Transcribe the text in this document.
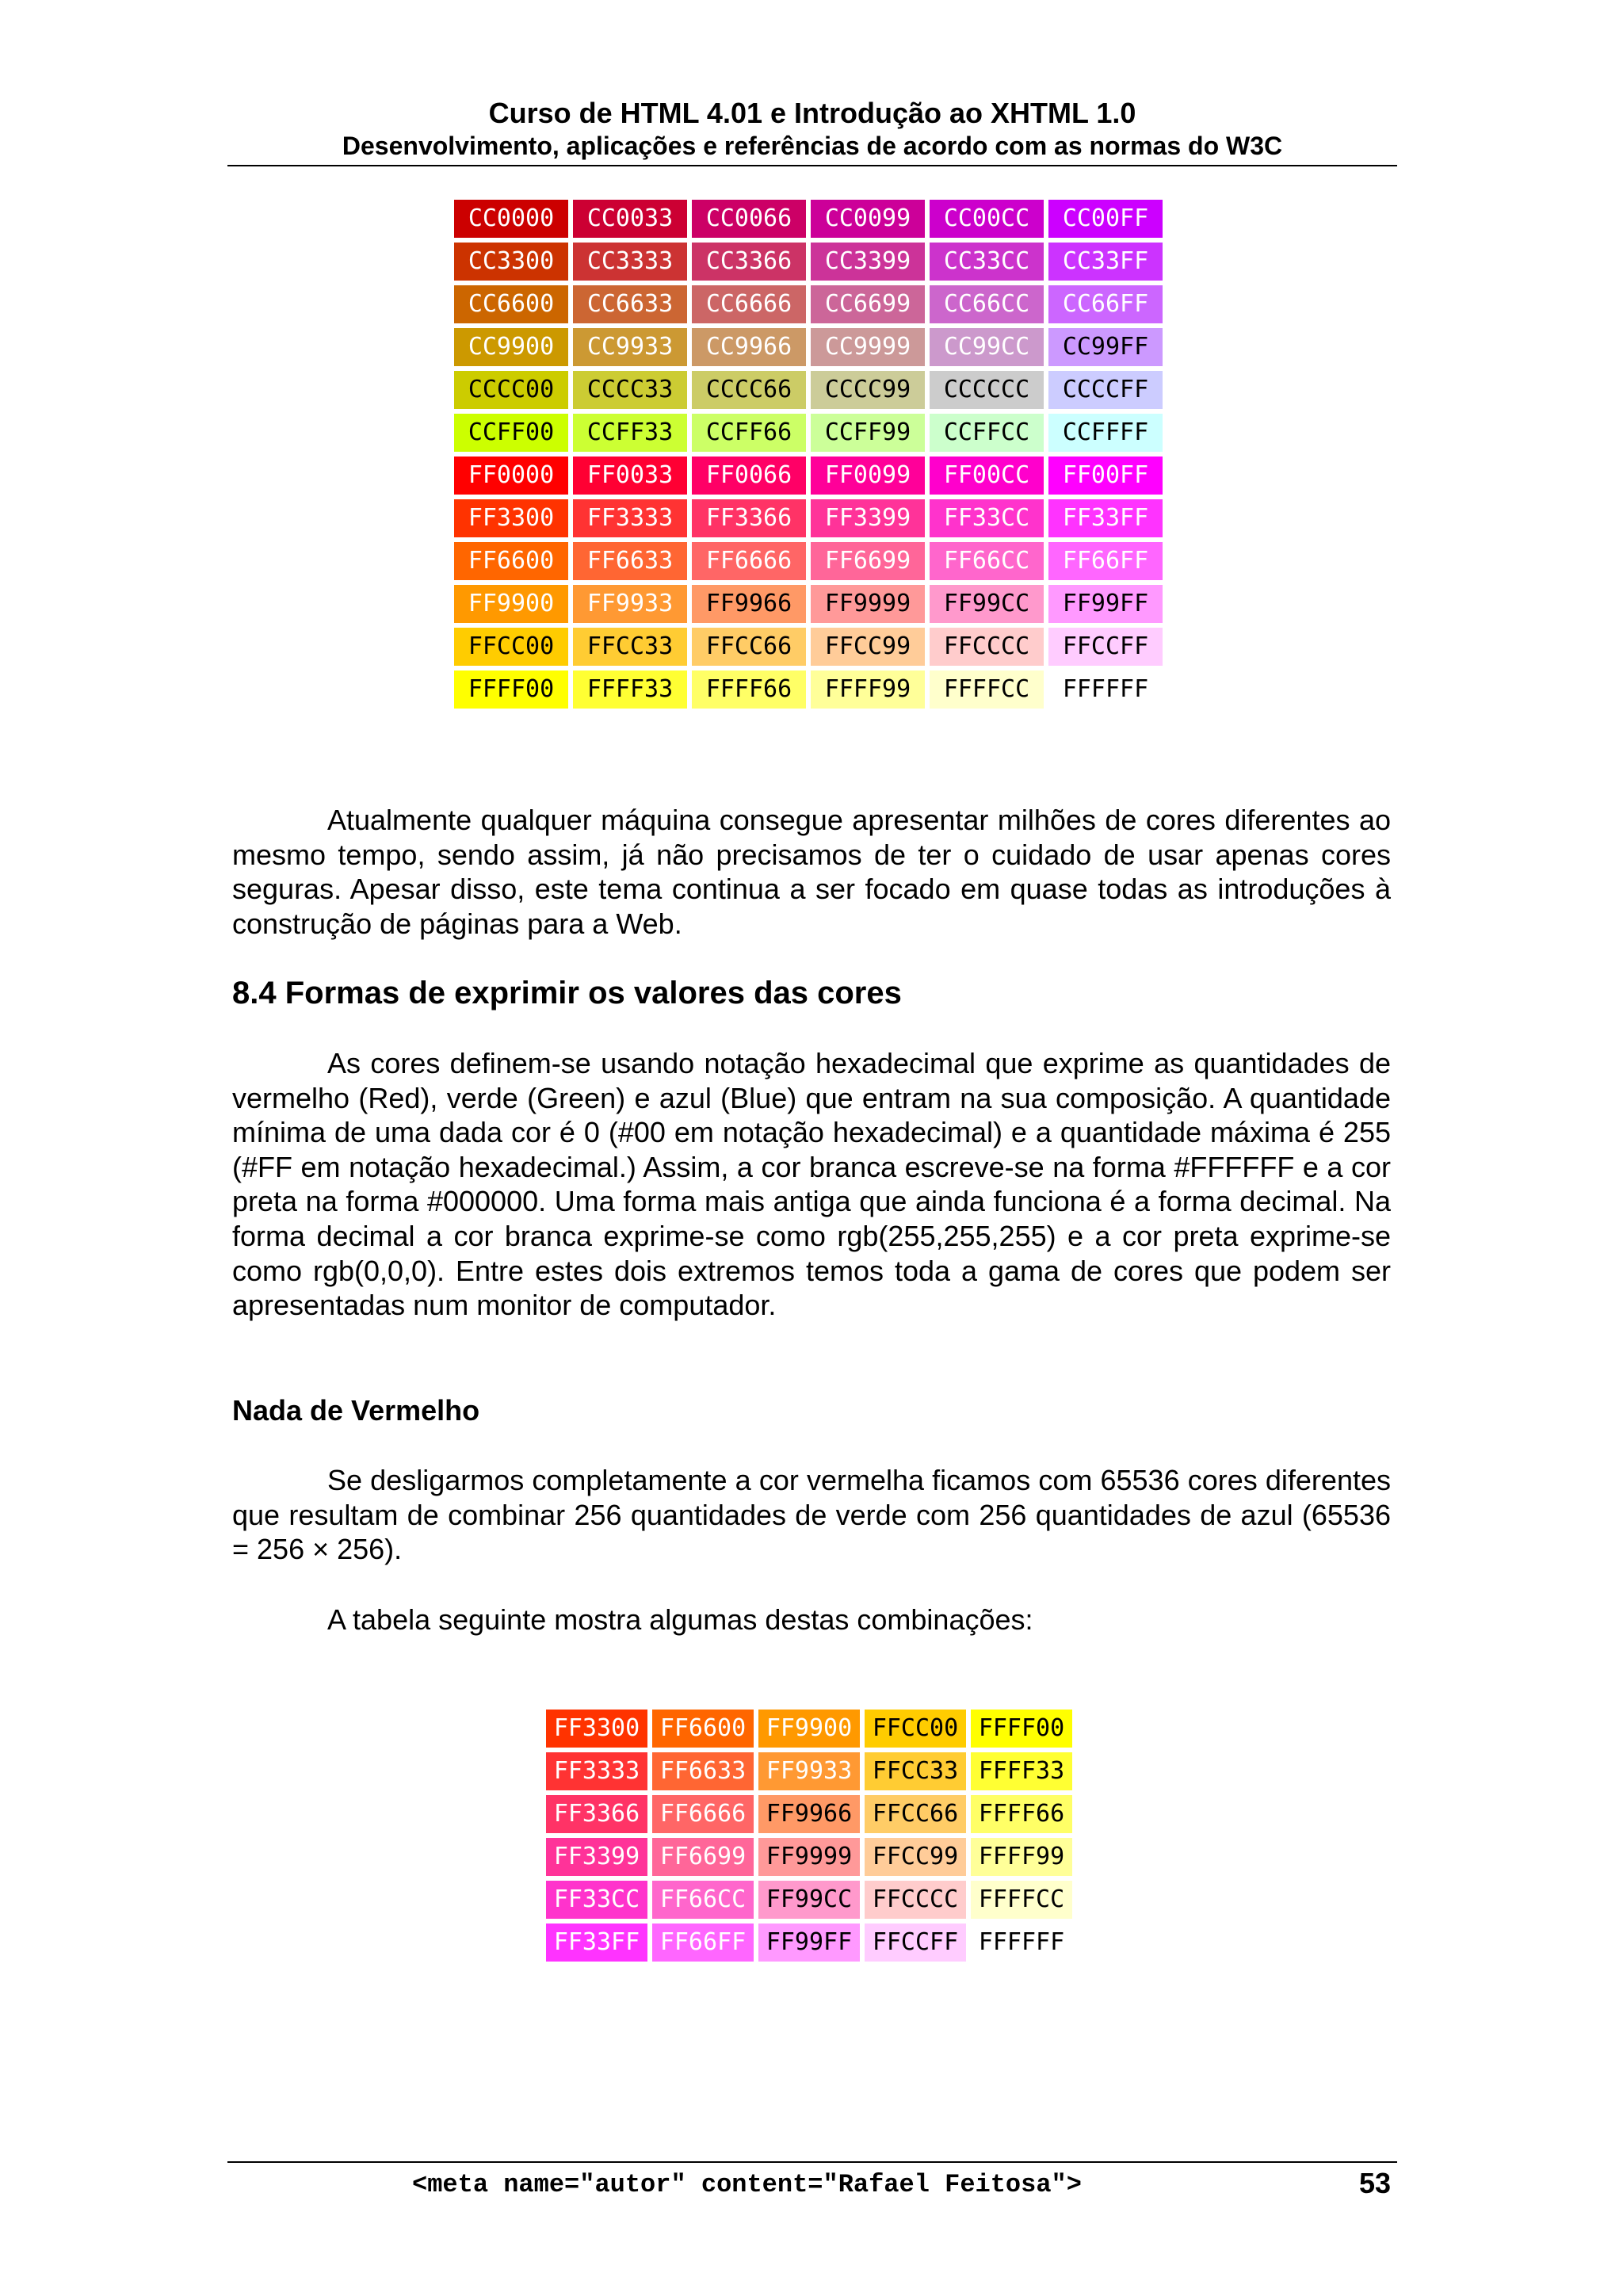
Curso de HTML 4.01 e Introdução ao XHTML 1.0
Desenvolvimento, aplicações e referências de acordo com as normas do W3C
CC0000	CC0033	CC0066	CC0099	CC00CC	CC00FF
CC3300	CC3333	CC3366	CC3399	CC33CC	CC33FF
CC6600	CC6633	CC6666	CC6699	CC66CC	CC66FF
CC9900	CC9933	CC9966	CC9999	CC99CC	CC99FF
CCCC00	CCCC33	CCCC66	CCCC99	CCCCCC	CCCCFF
CCFF00	CCFF33	CCFF66	CCFF99	CCFFCC	CCFFFF
FF0000	FF0033	FF0066	FF0099	FF00CC	FF00FF
FF3300	FF3333	FF3366	FF3399	FF33CC	FF33FF
FF6600	FF6633	FF6666	FF6699	FF66CC	FF66FF
FF9900	FF9933	FF9966	FF9999	FF99CC	FF99FF
FFCC00	FFCC33	FFCC66	FFCC99	FFCCCC	FFCCFF
FFFF00	FFFF33	FFFF66	FFFF99	FFFFCC	FFFFFF

Atualmente qualquer máquina consegue apresentar milhões de cores diferentes ao mesmo tempo, sendo assim, já não precisamos de ter o cuidado de usar apenas cores seguras. Apesar disso, este tema continua a ser focado em quase todas as introduções à construção de páginas para a Web.

8.4 Formas de exprimir os valores das cores

As cores definem-se usando notação hexadecimal que exprime as quantidades de vermelho (Red), verde (Green) e azul (Blue) que entram na sua composição. A quantidade mínima de uma dada cor é 0 (#00 em notação hexadecimal) e a quantidade máxima é 255 (#FF em notação hexadecimal.) Assim, a cor branca escreve-se na forma #FFFFFF e a cor preta na forma #000000. Uma forma mais antiga que ainda funciona é a forma decimal. Na forma decimal a cor branca exprime-se como rgb(255,255,255) e a cor preta exprime-se como rgb(0,0,0). Entre estes dois extremos temos toda a gama de cores que podem ser apresentadas num monitor de computador.

Nada de Vermelho

Se desligarmos completamente a cor vermelha ficamos com 65536 cores diferentes que resultam de combinar 256 quantidades de verde com 256 quantidades de azul (65536 = 256 × 256).

A tabela seguinte mostra algumas destas combinações:

FF3300	FF6600	FF9900	FFCC00	FFFF00
FF3333	FF6633	FF9933	FFCC33	FFFF33
FF3366	FF6666	FF9966	FFCC66	FFFF66
FF3399	FF6699	FF9999	FFCC99	FFFF99
FF33CC	FF66CC	FF99CC	FFCCCC	FFFFCC
FF33FF	FF66FF	FF99FF	FFCCFF	FFFFFF
<meta name="autor" content="Rafael Feitosa">	53
